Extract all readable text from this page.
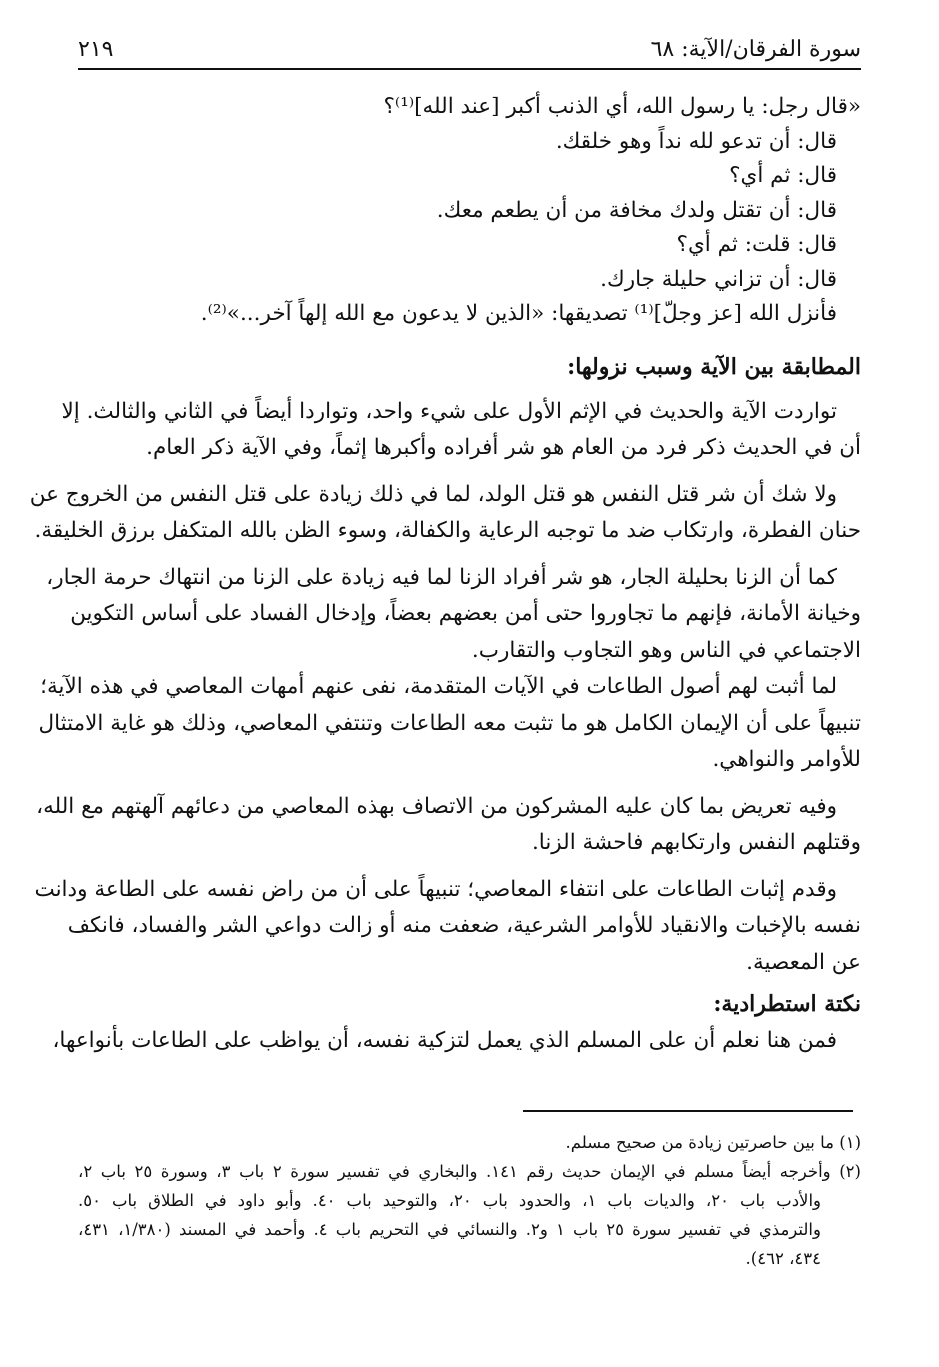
سورة الفرقان/الآية: ٦٨
٢١٩
«قال رجل: يا رسول الله، أي الذنب أكبر [عند الله]⁽¹⁾؟
قال: أن تدعو لله نداً وهو خلقك.
قال: ثم أي؟
قال: أن تقتل ولدك مخافة من أن يطعم معك.
قال: قلت: ثم أي؟
قال: أن تزاني حليلة جارك.
فأنزل الله [عز وجلّ]⁽¹⁾ تصديقها: «الذين لا يدعون مع الله إلهاً آخر...»⁽²⁾.
المطابقة بين الآية وسبب نزولها:
تواردت الآية والحديث في الإثم الأول على شيء واحد، وتواردا أيضاً في الثاني والثالث. إلا
أن في الحديث ذكر فرد من العام هو شر أفراده وأكبرها إثماً، وفي الآية ذكر العام.
ولا شك أن شر قتل النفس هو قتل الولد، لما في ذلك زيادة على قتل النفس من الخروج عن
حنان الفطرة، وارتكاب ضد ما توجبه الرعاية والكفالة، وسوء الظن بالله المتكفل برزق الخليقة.
كما أن الزنا بحليلة الجار، هو شر أفراد الزنا لما فيه زيادة على الزنا من انتهاك حرمة الجار،
وخيانة الأمانة، فإنهم ما تجاوروا حتى أمن بعضهم بعضاً، وإدخال الفساد على أساس التكوين
الاجتماعي في الناس وهو التجاوب والتقارب.
لما أثبت لهم أصول الطاعات في الآيات المتقدمة، نفى عنهم أمهات المعاصي في هذه الآية؛
تنبيهاً على أن الإيمان الكامل هو ما تثبت معه الطاعات وتنتفي المعاصي، وذلك هو غاية الامتثال
للأوامر والنواهي.
وفيه تعريض بما كان عليه المشركون من الاتصاف بهذه المعاصي من دعائهم آلهتهم مع الله،
وقتلهم النفس وارتكابهم فاحشة الزنا.
وقدم إثبات الطاعات على انتفاء المعاصي؛ تنبيهاً على أن من راض نفسه على الطاعة ودانت
نفسه بالإخبات والانقياد للأوامر الشرعية، ضعفت منه أو زالت دواعي الشر والفساد، فانكف
عن المعصية.
نكتة استطرادية:
فمن هنا نعلم أن على المسلم الذي يعمل لتزكية نفسه، أن يواظب على الطاعات بأنواعها،
(١) ما بين حاصرتين زيادة من صحيح مسلم.
(٢) وأخرجه أيضاً مسلم في الإيمان حديث رقم ١٤١. والبخاري في تفسير سورة ٢ باب ٣، وسورة ٢٥ باب ٢،
والأدب باب ٢٠، والديات باب ١، والحدود باب ٢٠، والتوحيد باب ٤٠. وأبو داود في الطلاق باب ٥٠.
والترمذي في تفسير سورة ٢٥ باب ١ و٢. والنسائي في التحريم باب ٤. وأحمد في المسند (١/٣٨٠، ٤٣١،
٤٣٤، ٤٦٢).
